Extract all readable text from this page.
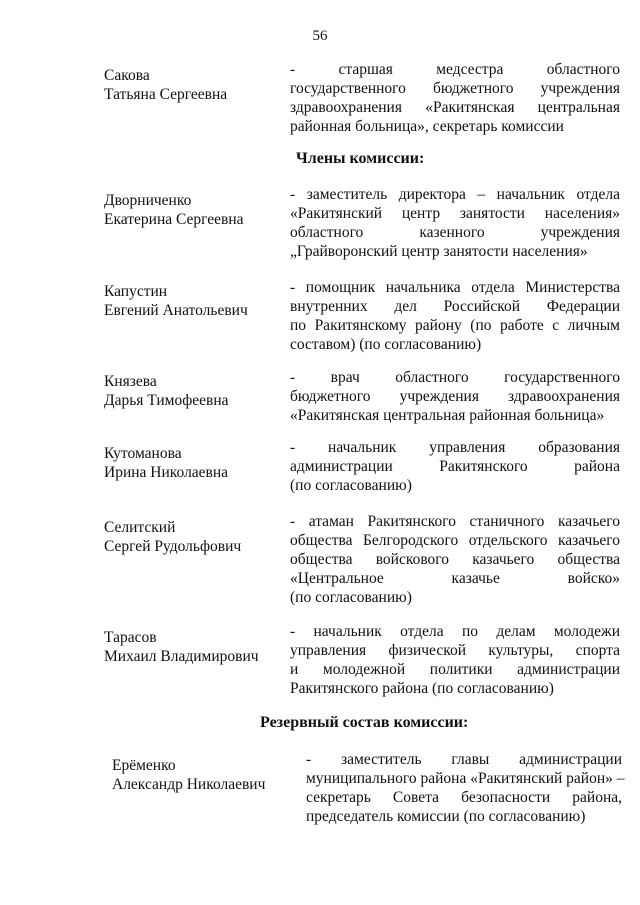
56
Сакова
Татьяна Сергеевна
- старшая медсестра областного
государственного бюджетного учреждения
здравоохранения «Ракитянская центральная
районная больница», секретарь комиссии
Члены комиссии:
Дворниченко
Екатерина Сергеевна
- заместитель директора – начальник отдела
«Ракитянский центр занятости населения»
областного казенного учреждения
„Грайворонский центр занятости населения»
Капустин
Евгений Анатольевич
- помощник начальника отдела Министерства
внутренних дел Российской Федерации
по Ракитянскому району (по работе с личным
составом) (по согласованию)
Князева
Дарья Тимофеевна
- врач областного государственного
бюджетного учреждения здравоохранения
«Ракитянская центральная районная больница»
Кутоманова
Ирина Николаевна
- начальник управления образования
администрации Ракитянского района
(по согласованию)
Селитский
Сергей Рудольфович
- атаман Ракитянского станичного казачьего
общества Белгородского отдельского казачьего
общества войскового казачьего общества
«Центральное казачье войско»
(по согласованию)
Тарасов
Михаил Владимирович
- начальник отдела по делам молодежи
управления физической культуры, спорта
и молодежной политики администрации
Ракитянского района (по согласованию)
Резервный состав комиссии:
Ерёменко
Александр Николаевич
- заместитель главы администрации
муниципального района «Ракитянский район» –
секретарь Совета безопасности района,
председатель комиссии (по согласованию)
